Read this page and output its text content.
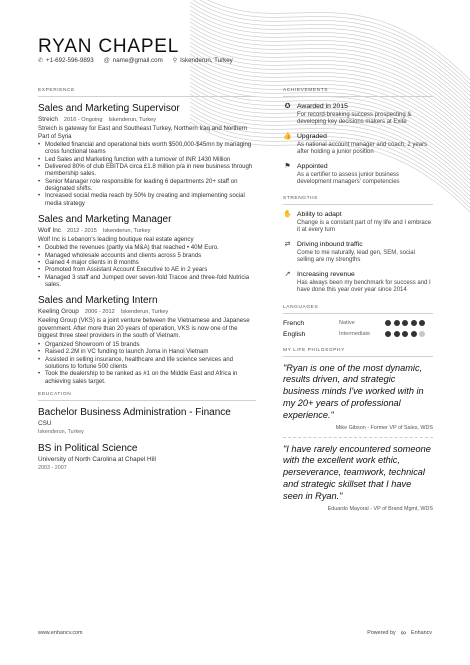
RYAN CHAPEL
✆ +1-692-596-9893 @ name@gmail.com ⚲ Iskenderun, Turkey
EXPERIENCE
Sales and Marketing Supervisor
Streich 2016 - Ongoing Iskenderun, Turkey
Streich is gateway for East and Southeast Turkey, Northern Iraq and Northern Part of Syria
• Modelled financial and operational bids worth $500,000-$45mn by managing cross functional teams
• Led Sales and Marketing function with a turnover of INR 1430 Million
• Delivered 80% of club EBITDA circa £1.8 million p/a in new business through membership sales.
• Senior Manager role responsible for leading 6 departments 20+ staff on designated shifts.
• Increased social media reach by 50% by creating and implementing social media strategy
Sales and Marketing Manager
Wolf Inc 2012 - 2015 Iskenderun, Turkey
Wolf Inc is Lebanon's leading boutique real estate agency
• Doubled the revenues (partly via M&A) that reached • 40M Euro.
• Managed wholesale accounts and clients across 5 brands
• Gained 4 major clients in 8 months
• Promoted from Assistant Account Executive to AE in 2 years
• Managed 3 staff and Jumped over seven-fold Tracoe and three-fold Nutricia sales.
Sales and Marketing Intern
Keeling Group 2006 - 2012 Iskenderun, Turkey
Keeling Group (VKS) is a joint venture between the Vietnamese and Japanese government. After more than 20 years of operation, VKS is now one of the biggest three steel providers in the south of Vietnam.
• Organized Showroom of 15 brands
• Raised 2.2M in VC funding to launch Joma in Hanoi Vietnam
• Assisted in selling insurance, healthcare and life science services and solutions to fortune 500 clients
• Took the dealership to be ranked as #1 on the Middle East and Africa in achieving sales target.
EDUCATION
Bachelor Business Administration - Finance
CSU
Iskenderun, Turkey
BS in Political Science
University of North Carolina at Chapel Hill
2003 - 2007
ACHIEVEMENTS
✪ Awarded in 2015
For record-breaking success prospecting & developing key decisions makers at Exite
👍 Upgraded
As national account manager and coach, 2 years after holding a junior position
⚑ Appointed
As a certifier to assess junior business development managers' competencies
STRENGTHS
✋ Ability to adapt
Change is a constant part of my life and I embrace it at every turn
⇄ Driving inbound traffic
Come to me naturally, lead gen, SEM, social selling are my strengths
↗ Increasing revenue
Has always been my benchmark for success and I have done this year over year since 2014
LANGUAGES
French	Native
English	Intermediate
MY LIFE PHILOSOPHY
"Ryan is one of the most dynamic, results driven, and strategic business minds I've worked with in my 20+ years of professional experience."
Mike Gibson - Former VP of Sales, WDS
"I have rarely encountered someone with the excellent work ethic, perseverance, teamwork, technical and strategic skillset that I have seen in Ryan."
Eduardo Mayoral - VP of Brand Mgmt, WDS
www.enhancv.com	Powered by ∞ Enhancv
